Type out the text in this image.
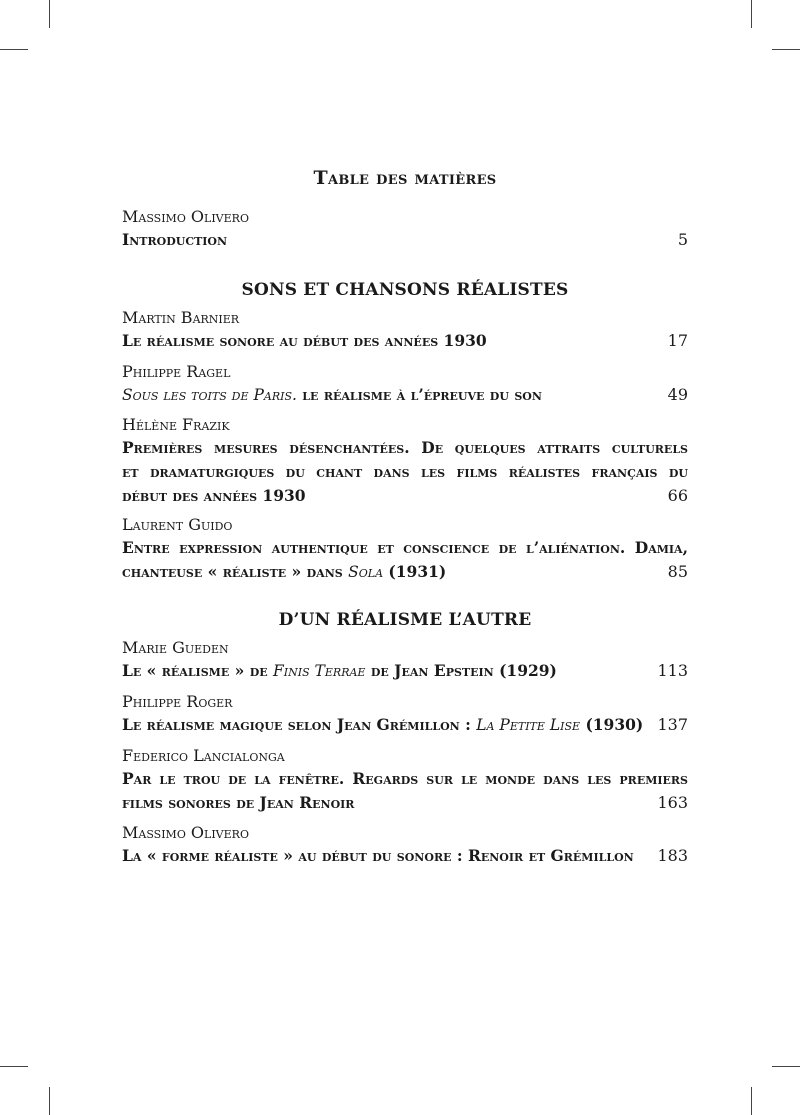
Table des matières
Massimo Olivero
Introduction	5
SONS ET CHANSONS RÉALISTES
Martin Barnier
Le réalisme sonore au début des années 1930	17
Philippe Ragel
Sous les toits de Paris. le réalisme à l’épreuve du son	49
Hélène Frazik
Premières mesures désenchantées. De quelques attraits culturels
et dramaturgiques du chant dans les films réalistes français du
début des années 1930	66
Laurent Guido
Entre expression authentique et conscience de l’aliénation. Damia,
chanteuse « réaliste » dans Sola (1931)	85
D’UN RÉALISME L’AUTRE
Marie Gueden
Le « réalisme » de Finis Terrae de Jean Epstein (1929)	113
Philippe Roger
Le réalisme magique selon Jean Grémillon : La Petite Lise (1930) 137
Federico Lancialonga
Par le trou de la fenêtre. Regards sur le monde dans les premiers
films sonores de Jean Renoir	163
Massimo Olivero
La « forme réaliste » au début du sonore : Renoir et Grémillon 183
